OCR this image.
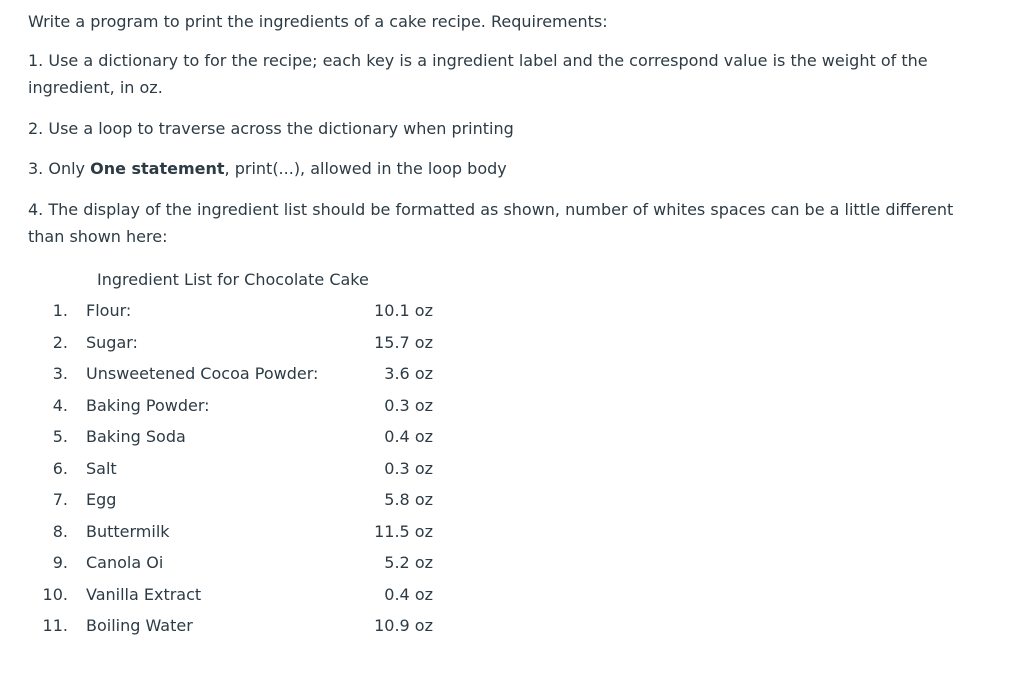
Write a program to print the ingredients of a cake recipe. Requirements:

1. Use a dictionary to for the recipe; each key is a ingredient label and the correspond value is the weight of the ingredient, in oz.

2. Use a loop to traverse across the dictionary when printing

3. Only One statement, print(...), allowed in the loop body

4. The display of the ingredient list should be formatted as shown, number of whites spaces can be a little different than shown here:

Ingredient List for Chocolate Cake
1. Flour:	10.1 oz
2. Sugar:	15.7 oz
3. Unsweetened Cocoa Powder:	3.6 oz
4. Baking Powder:	0.3 oz
5. Baking Soda	0.4 oz
6. Salt	0.3 oz
7. Egg	5.8 oz
8. Buttermilk	11.5 oz
9. Canola Oi	5.2 oz
10. Vanilla Extract	0.4 oz
11. Boiling Water	10.9 oz
